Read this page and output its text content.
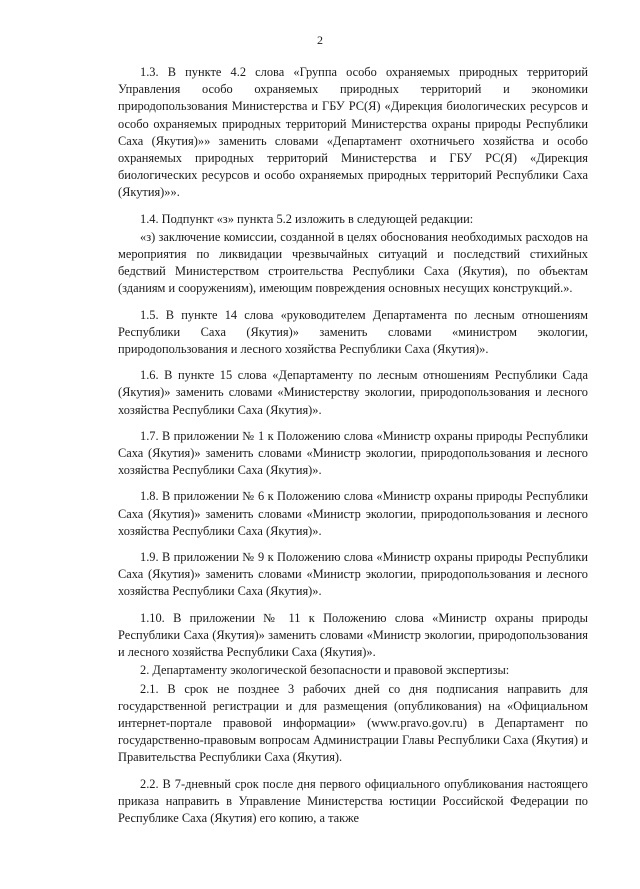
2

1.3. В пункте 4.2 слова «Группа особо охраняемых природных территорий Управления особо охраняемых природных территорий и экономики природопользования Министерства и ГБУ РС(Я) «Дирекция биологических ресурсов и особо охраняемых природных территорий Министерства охраны природы Республики Саха (Якутия)»» заменить словами «Департамент охотничьего хозяйства и особо охраняемых природных территорий Министерства и ГБУ РС(Я) «Дирекция биологических ресурсов и особо охраняемых природных территорий Республики Саха (Якутия)»».

1.4. Подпункт «з» пункта 5.2 изложить в следующей редакции:

«з) заключение комиссии, созданной в целях обоснования необходимых расходов на мероприятия по ликвидации чрезвычайных ситуаций и последствий стихийных бедствий Министерством строительства Республики Саха (Якутия), по объектам (зданиям и сооружениям), имеющим повреждения основных несущих конструкций.».

1.5. В пункте 14 слова «руководителем Департамента по лесным отношениям Республики Саха (Якутия)» заменить словами «министром экологии, природопользования и лесного хозяйства Республики Саха (Якутия)».

1.6. В пункте 15 слова «Департаменту по лесным отношениям Республики Сада (Якутия)» заменить словами «Министерству экологии, природопользования и лесного хозяйства Республики Саха (Якутия)».

1.7. В приложении № 1 к Положению слова «Министр охраны природы Республики Саха (Якутия)» заменить словами «Министр экологии, природопользования и лесного хозяйства Республики Саха (Якутия)».

1.8. В приложении № 6 к Положению слова «Министр охраны природы Республики Саха (Якутия)» заменить словами «Министр экологии, природопользования и лесного хозяйства Республики Саха (Якутия)».

1.9. В приложении № 9 к Положению слова «Министр охраны природы Республики Саха (Якутия)» заменить словами «Министр экологии, природопользования и лесного хозяйства Республики Саха (Якутия)».

1.10. В приложении № 11 к Положению слова «Министр охраны природы Республики Саха (Якутия)» заменить словами «Министр экологии, природопользования и лесного хозяйства Республики Саха (Якутия)».

2. Департаменту экологической безопасности и правовой экспертизы:

2.1. В срок не позднее 3 рабочих дней со дня подписания направить для государственной регистрации и для размещения (опубликования) на «Официальном интернет-портале правовой информации» (www.pravo.gov.ru) в Департамент по государственно-правовым вопросам Администрации Главы Республики Саха (Якутия) и Правительства Республики Саха (Якутия).

2.2. В 7-дневный срок после дня первого официального опубликования настоящего приказа направить в Управление Министерства юстиции Российской Федерации по Республике Саха (Якутия) его копию, а также
